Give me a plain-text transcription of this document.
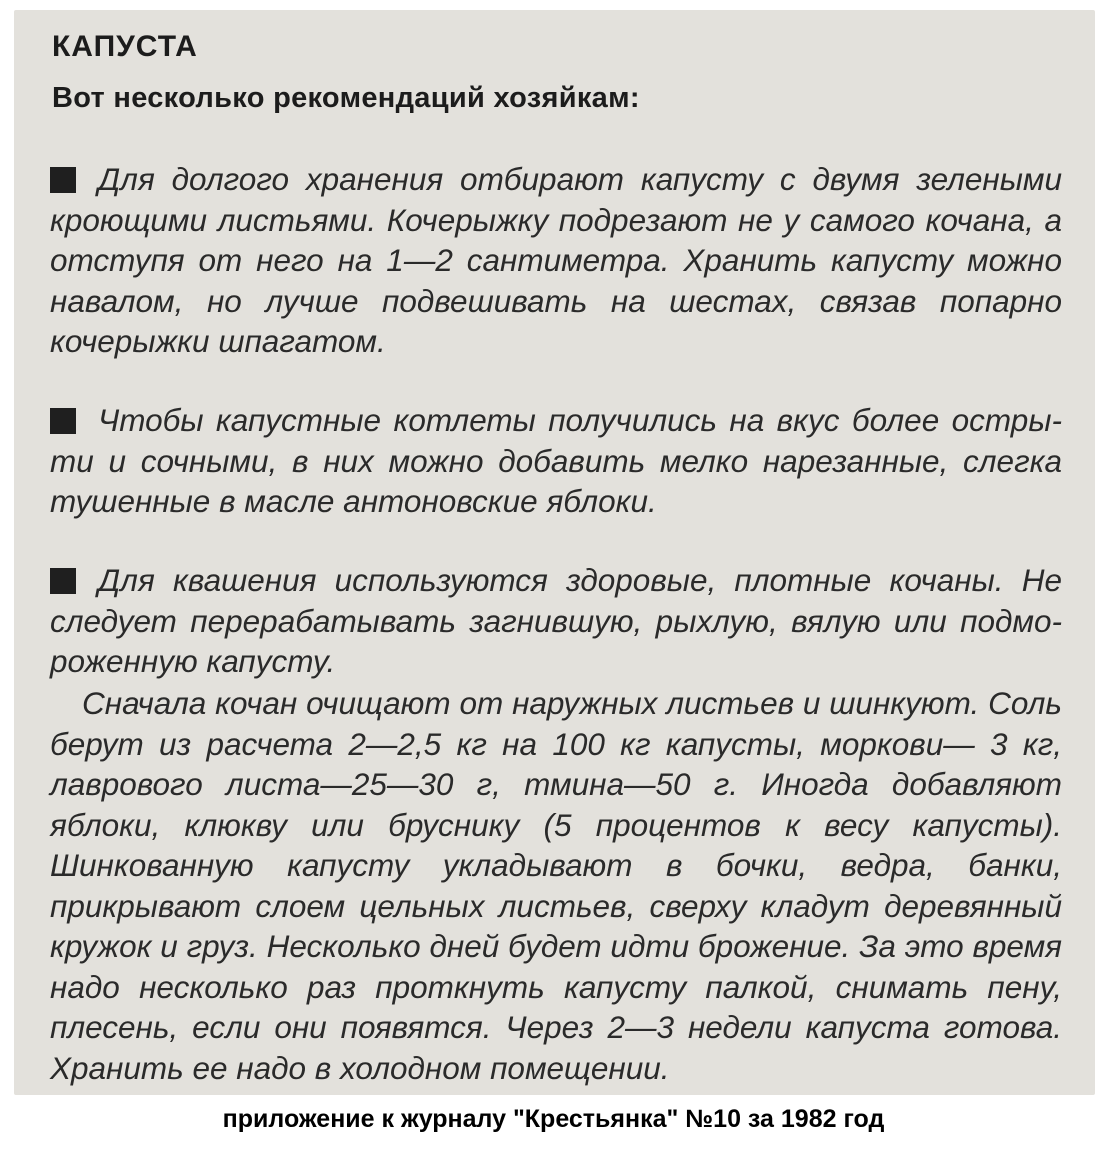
КАПУСТА
Вот несколько рекомендаций хозяйкам:

Для долгого хранения отбирают капусту с двумя зелеными кроющими листьями. Кочерыжку подрезают не у самого кочана, а отступя от него на 1—2 сантиметра. Хранить капусту можно навалом, но лучше подвешивать на шестах, связав попарно кочерыжки шпагатом.

Чтобы капустные котлеты получились на вкус более острыmи и сочными, в них можно добавить мелко нарезанные, слегка тушенные в масле антоновские яблоки.

Для квашения используются здоровые, плотные кочаны. Не следует перерабатывать загнившую, рыхлую, вялую или подмороженную капусту.

Сначала кочан очищают от наружных листьев и шинкуют. Соль берут из расчета 2—2,5 кг на 100 кг капусты, моркови— 3 кг, лаврового листа—25—30 г, тмина—50 г. Иногда добавляют яблоки, клюкву или бруснику (5 процентов к весу капусты). Шинкованную капусту укладывают в бочки, ведра, банки, прикрывают слоем цельных листьев, сверху кладут деревянный кружок и груз. Несколько дней будет идти брожение. За это время надо несколько раз проткнуть капусту палкой, снимать пену, плесень, если они появятся. Через 2—3 недели капуста готова. Хранить ее надо в холодном помещении.

приложение к журналу "Крестьянка" №10 за 1982 год
